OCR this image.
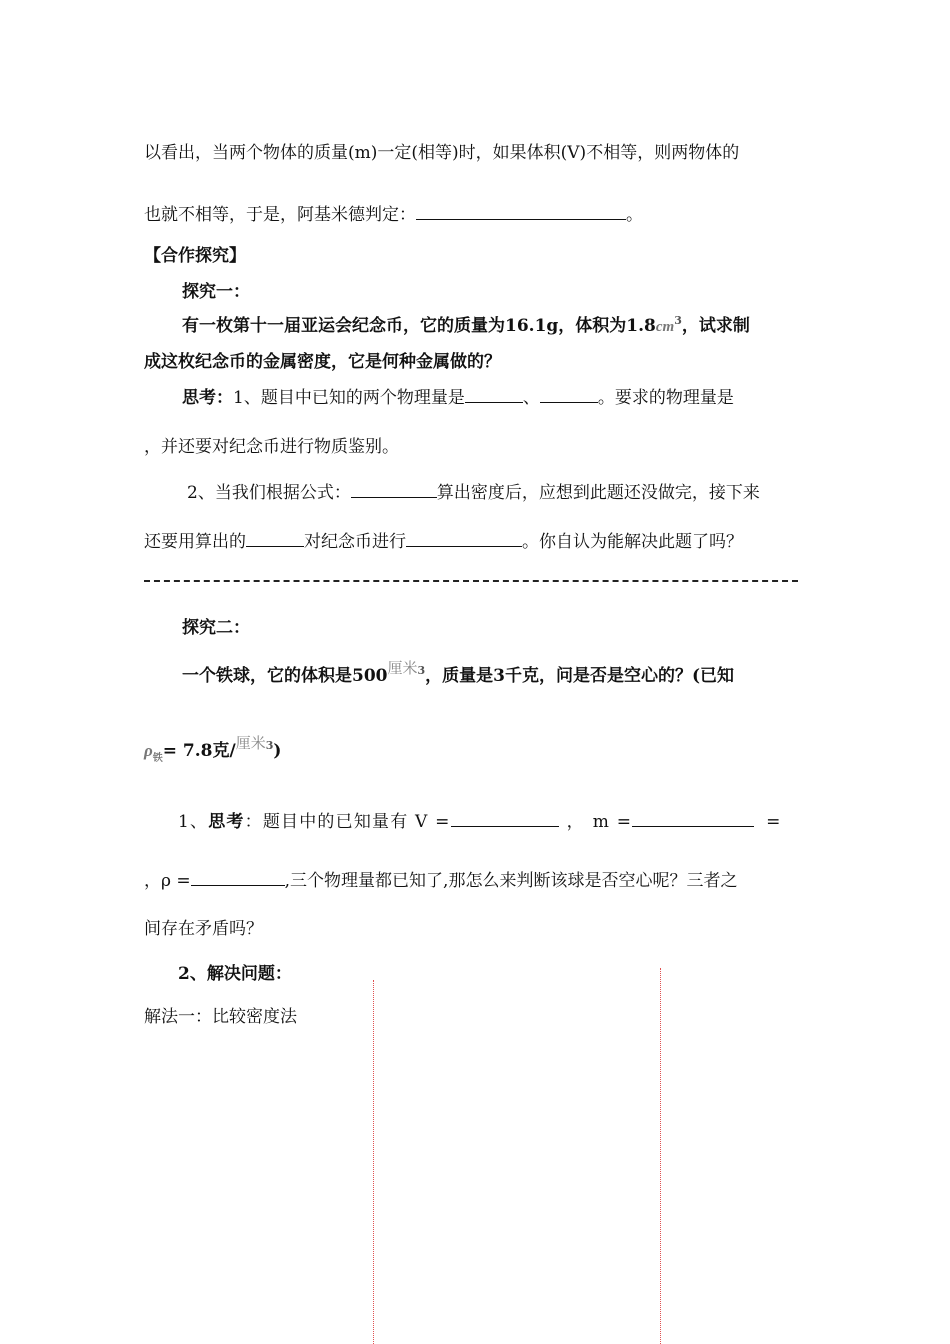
以看出，当两个物体的质量(m)一定(相等)时，如果体积(V)不相等，则两物体的
也就不相等，于是，阿基米德判定：	。
【合作探究】
探究一：
有一枚第十一届亚运会纪念币，它的质量为16.1g，体积为$1.8cm^3$，试求制
成这枚纪念币的金属密度，它是何种金属做的？
思考：1、题目中已知的两个物理量是	、	。要求的物理量是
，并还要对纪念币进行物质鉴别。
2、当我们根据公式：	算出密度后，应想到此题还没做完，接下来
还要用算出的	对纪念币进行	。你自认为能解决此题了吗？
探究二：
一个铁球，它的体积是500厘米$^3$，质量是3千克，问是否是空心的？(已知
$\rho_铁= 7.8$克/厘米$^3$)
1、思考：题目中的已知量有 V =	， m =	=
，ρ =	,三个物理量都已知了,那怎么来判断该球是否空心呢？三者之
间存在矛盾吗？
2、解决问题：
解法一：比较密度法
